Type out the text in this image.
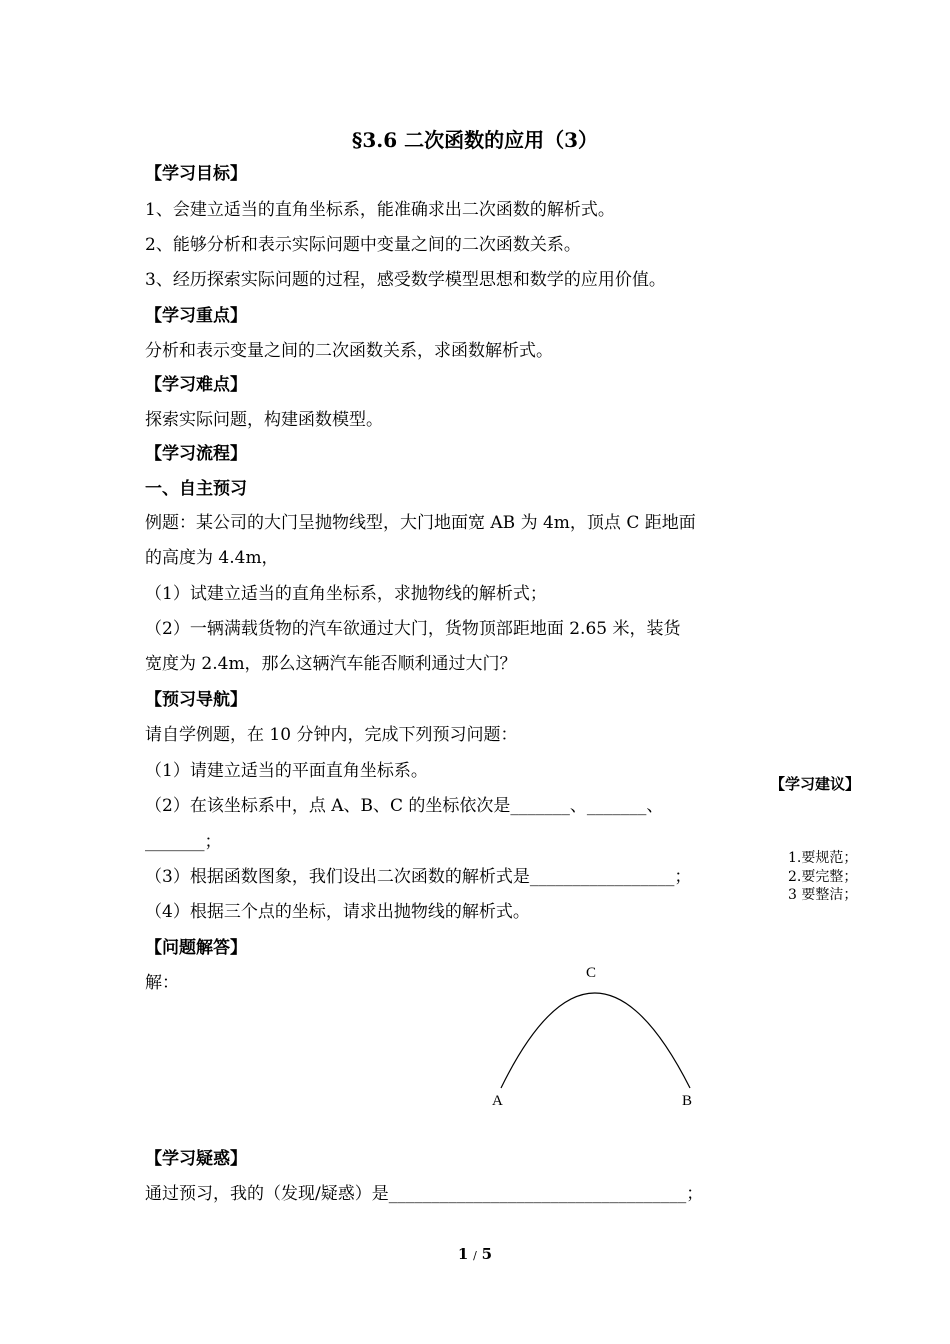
§3.6 二次函数的应用（3）
【学习目标】
1、会建立适当的直角坐标系，能准确求出二次函数的解析式。
2、能够分析和表示实际问题中变量之间的二次函数关系。
3、经历探索实际问题的过程，感受数学模型思想和数学的应用价值。
【学习重点】
分析和表示变量之间的二次函数关系，求函数解析式。
【学习难点】
探索实际问题，构建函数模型。
【学习流程】
一、自主预习
例题：某公司的大门呈抛物线型，大门地面宽 AB 为 4m，顶点 C 距地面
的高度为 4.4m，
（1）试建立适当的直角坐标系，求抛物线的解析式；
（2）一辆满载货物的汽车欲通过大门，货物顶部距地面 2.65 米，装货
宽度为 2.4m，那么这辆汽车能否顺利通过大门？
【预习导航】
请自学例题，在 10 分钟内，完成下列预习问题：
（1）请建立适当的平面直角坐标系。
（2）在该坐标系中，点 A、B、C 的坐标依次是_______、_______、
_______；
（3）根据函数图象，我们设出二次函数的解析式是_________________；
（4）根据三个点的坐标，请求出抛物线的解析式。
【问题解答】
解：	C
A	B
【学习疑惑】
通过预习，我的（发现/疑惑）是___________________________________；
【学习建议】
1.要规范；
2.要完整；
3 要整洁；
1 / 5
